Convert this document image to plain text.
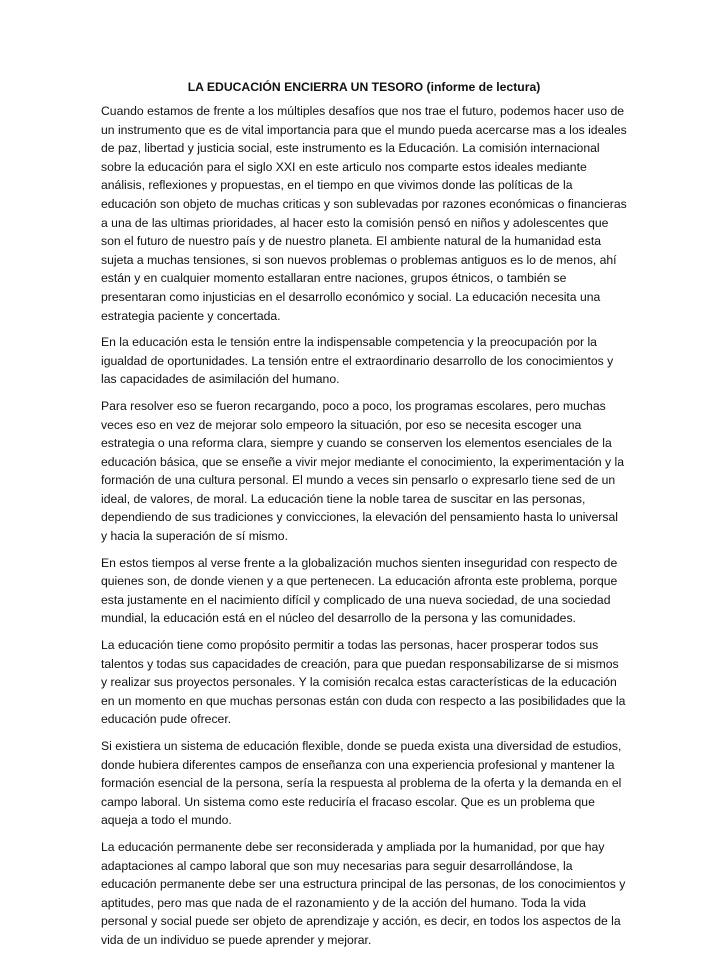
LA EDUCACIÓN ENCIERRA UN TESORO (informe de lectura)

Cuando estamos de frente a los múltiples desafíos que nos trae el futuro, podemos hacer uso de un instrumento que es de vital importancia para que el mundo pueda acercarse mas a los ideales de paz, libertad y justicia social, este instrumento es la Educación. La comisión internacional sobre la educación para el siglo XXI en este articulo nos comparte estos ideales mediante análisis, reflexiones y propuestas, en el tiempo en que vivimos donde las políticas de la educación son objeto de muchas criticas y son sublevadas por razones económicas o financieras a una de las ultimas prioridades, al hacer esto la comisión pensó en niños y adolescentes que son el futuro de nuestro país y de nuestro planeta. El ambiente natural de la humanidad esta sujeta a muchas tensiones, si son nuevos problemas o problemas antiguos es lo de menos, ahí están y en cualquier momento estallaran entre naciones, grupos étnicos, o también se presentaran como injusticias en el desarrollo económico y social. La educación necesita una estrategia paciente y concertada.

En la educación esta le tensión entre la indispensable competencia y la preocupación por la igualdad de oportunidades. La tensión entre el extraordinario desarrollo de los conocimientos y las capacidades de asimilación del humano.

Para resolver eso se fueron recargando, poco a poco, los programas escolares, pero muchas veces eso en vez de mejorar solo empeoro la situación, por eso se necesita escoger una estrategia o una reforma clara, siempre y cuando se conserven los elementos esenciales de la educación básica, que se enseñe a vivir mejor mediante el conocimiento, la experimentación y la formación de una cultura personal. El mundo a veces sin pensarlo o expresarlo tiene sed de un ideal, de valores, de moral. La educación tiene la noble tarea de suscitar en las personas, dependiendo de sus tradiciones y convicciones, la elevación del pensamiento hasta lo universal y hacia la superación de sí mismo.

En estos tiempos al verse frente a la globalización muchos sienten inseguridad con respecto de quienes son, de donde vienen y a que pertenecen. La educación afronta este problema, porque esta justamente en el nacimiento difícil y complicado de una nueva sociedad, de una sociedad mundial, la educación está en el núcleo del desarrollo de la persona y las comunidades.

La educación tiene como propósito permitir a todas las personas, hacer prosperar todos sus talentos y todas sus capacidades de creación, para que puedan responsabilizarse de si mismos y realizar sus proyectos personales. Y la comisión recalca estas características de la educación en un momento en que muchas personas están con duda con respecto a las posibilidades que la educación pude ofrecer.

Si existiera un sistema de educación flexible, donde se pueda exista una diversidad de estudios, donde hubiera diferentes campos de enseñanza con una experiencia profesional y mantener la formación esencial de la persona, sería la respuesta al problema de la oferta y la demanda en el campo laboral. Un sistema como este reduciría el fracaso escolar. Que es un problema que aqueja a todo el mundo.

La educación permanente debe ser reconsiderada y ampliada por la humanidad, por que hay adaptaciones al campo laboral que son muy necesarias para seguir desarrollándose, la educación permanente debe ser una estructura principal de las personas, de los conocimientos y aptitudes, pero mas que nada de el razonamiento y de la acción del humano. Toda la vida personal y social puede ser objeto de aprendizaje y acción, es decir, en todos los aspectos de la vida de un individuo se puede aprender y mejorar.
